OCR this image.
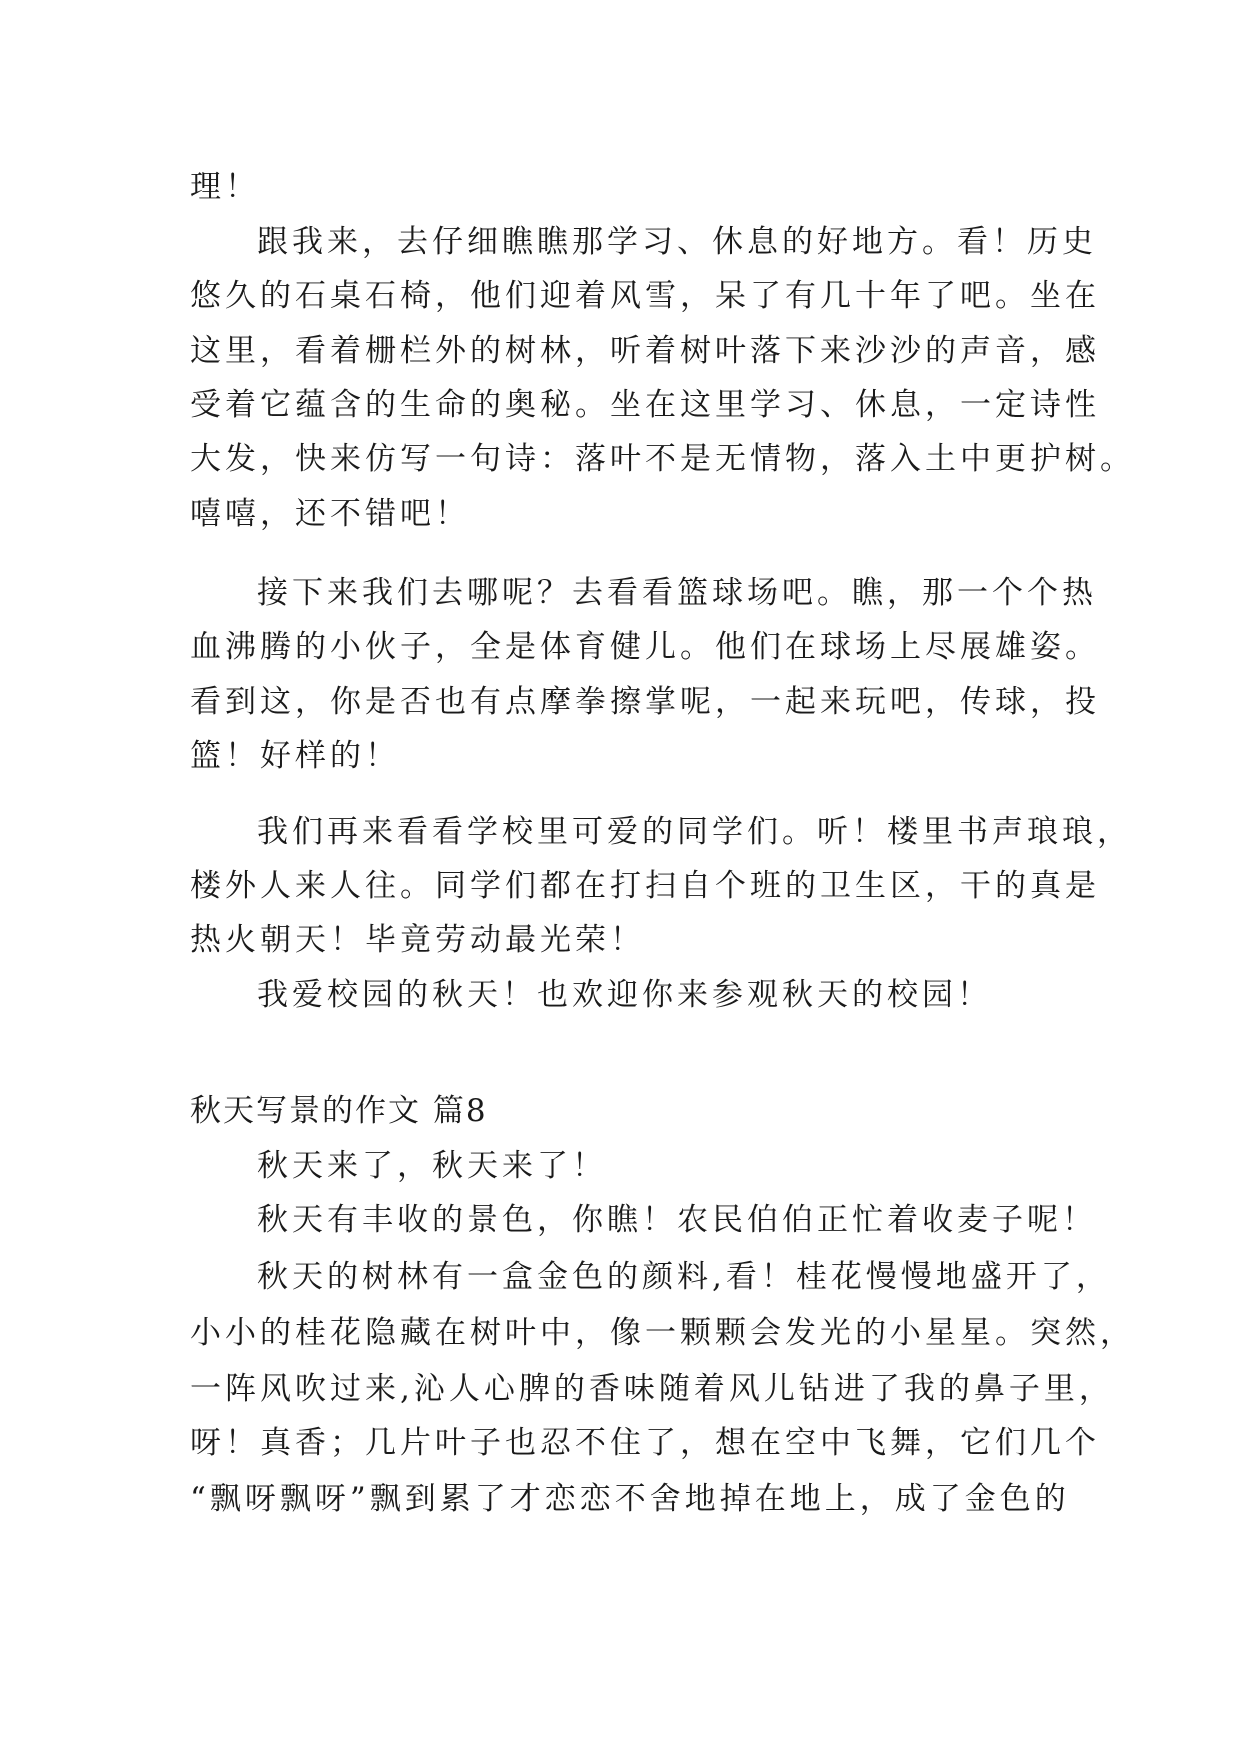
理！

跟我来，去仔细瞧瞧那学习、休息的好地方。看！历史

悠久的石桌石椅，他们迎着风雪，呆了有几十年了吧。坐在

这里，看着栅栏外的树林，听着树叶落下来沙沙的声音，感

受着它蕴含的生命的奥秘。坐在这里学习、休息，一定诗性

大发，快来仿写一句诗：落叶不是无情物，落入土中更护树。

嘻嘻，还不错吧！

接下来我们去哪呢？去看看篮球场吧。瞧，那一个个热

血沸腾的小伙子，全是体育健儿。他们在球场上尽展雄姿。

看到这，你是否也有点摩拳擦掌呢，一起来玩吧，传球，投

篮！好样的！

我们再来看看学校里可爱的同学们。听！楼里书声琅琅，

楼外人来人往。同学们都在打扫自个班的卫生区，干的真是

热火朝天！毕竟劳动最光荣！

我爱校园的秋天！也欢迎你来参观秋天的校园！

秋天写景的作文 篇8

秋天来了，秋天来了！

秋天有丰收的景色，你瞧！农民伯伯正忙着收麦子呢！

秋天的树林有一盒金色的颜料,看！桂花慢慢地盛开了，

小小的桂花隐藏在树叶中，像一颗颗会发光的小星星。突然，

一阵风吹过来,沁人心脾的香味随着风儿钻进了我的鼻子里，

呀！真香；几片叶子也忍不住了，想在空中飞舞，它们几个

“飘呀飘呀”飘到累了才恋恋不舍地掉在地上，成了金色的
